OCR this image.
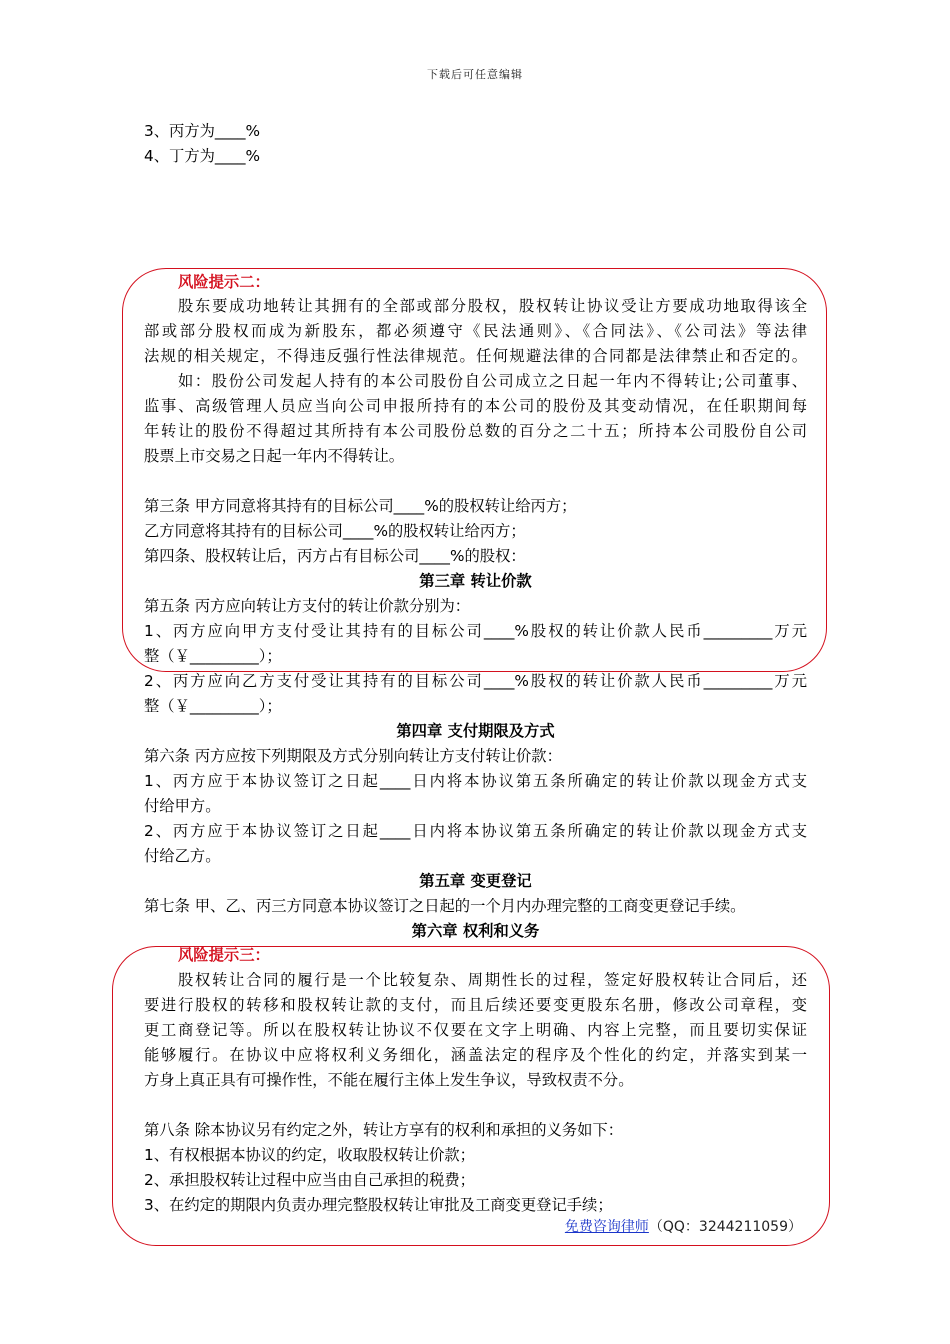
下载后可任意编辑
3、丙方为____%
4、丁方为____%
风险提示二：
股东要成功地转让其拥有的全部或部分股权，股权转让协议受让方要成功地取得该全
部或部分股权而成为新股东，都必须遵守《民法通则》、《合同法》、《公司法》等法律
法规的相关规定，不得违反强行性法律规范。任何规避法律的合同都是法律禁止和否定的。
如：股份公司发起人持有的本公司股份自公司成立之日起一年内不得转让;公司董事、
监事、高级管理人员应当向公司申报所持有的本公司的股份及其变动情况，在任职期间每
年转让的股份不得超过其所持有本公司股份总数的百分之二十五；所持本公司股份自公司
股票上市交易之日起一年内不得转让。
第三条 甲方同意将其持有的目标公司____%的股权转让给丙方；
乙方同意将其持有的目标公司____%的股权转让给丙方；
第四条、股权转让后，丙方占有目标公司____%的股权：
第三章 转让价款
第五条 丙方应向转让方支付的转让价款分别为：
1、丙方应向甲方支付受让其持有的目标公司____%股权的转让价款人民币_________万元
整（￥_________）；
2、丙方应向乙方支付受让其持有的目标公司____%股权的转让价款人民币_________万元
整（￥_________）；
第四章 支付期限及方式
第六条 丙方应按下列期限及方式分别向转让方支付转让价款：
1、丙方应于本协议签订之日起____日内将本协议第五条所确定的转让价款以现金方式支
付给甲方。
2、丙方应于本协议签订之日起____日内将本协议第五条所确定的转让价款以现金方式支
付给乙方。
第五章 变更登记
第七条 甲、乙、丙三方同意本协议签订之日起的一个月内办理完整的工商变更登记手续。
第六章 权利和义务
风险提示三：
股权转让合同的履行是一个比较复杂、周期性长的过程，签定好股权转让合同后，还
要进行股权的转移和股权转让款的支付，而且后续还要变更股东名册，修改公司章程，变
更工商登记等。所以在股权转让协议不仅要在文字上明确、内容上完整，而且要切实保证
能够履行。在协议中应将权利义务细化，涵盖法定的程序及个性化的约定，并落实到某一
方身上真正具有可操作性，不能在履行主体上发生争议，导致权责不分。
第八条 除本协议另有约定之外，转让方享有的权利和承担的义务如下：
1、有权根据本协议的约定，收取股权转让价款；
2、承担股权转让过程中应当由自己承担的税费；
3、在约定的期限内负责办理完整股权转让审批及工商变更登记手续；
免费咨询律师（QQ：3244211059）
